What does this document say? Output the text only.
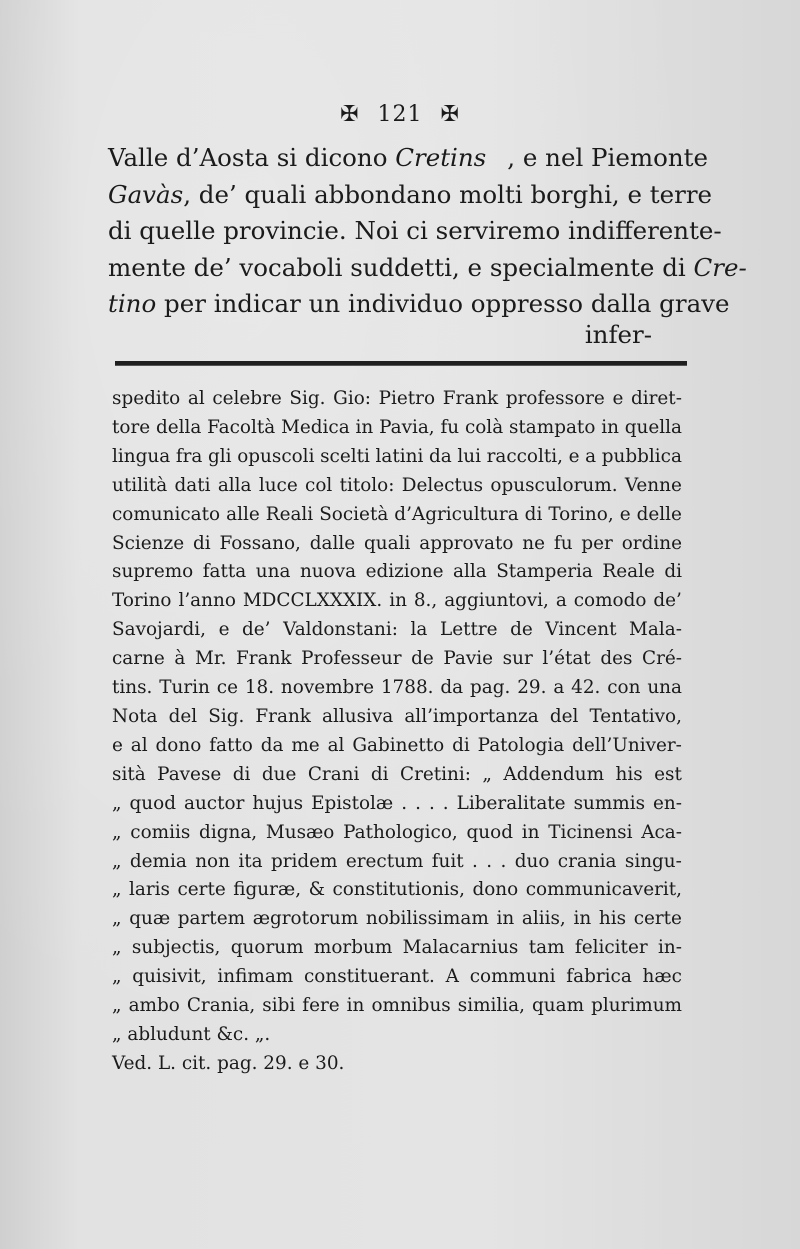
✠ 121 ✠
Valle d’Aosta si dicono Cretins , e nel Piemonte
Gavàs , de’ quali abbondano molti borghi, e terre
di quelle provincie. Noi ci serviremo indifferente-
mente de’ vocaboli suddetti, e specialmente di Cre-
tino per indicar un individuo oppresso dalla grave
infer-
spedito al celebre Sig. Gio: Pietro Frank professore e diret-
tore della Facoltà Medica in Pavia, fu colà stampato in quella
lingua fra gli opuscoli scelti latini da lui raccolti, e a pubblica
utilità dati alla luce col titolo: Delectus opusculorum. Venne
comunicato alle Reali Società d’Agricultura di Torino, e delle
Scienze di Fossano, dalle quali approvato ne fu per ordine
supremo fatta una nuova edizione alla Stamperia Reale di
Torino l’anno MDCCLXXXIX. in 8., aggiuntovi, a comodo de’
Savojardi, e de’ Valdonstani: la Lettre de Vincent Mala-
carne à Mr. Frank Professeur de Pavie sur l’état des Cré-
tins. Turin ce 18. novembre 1788. da pag. 29. a 42. con una
Nota del Sig. Frank allusiva all’importanza del Tentativo,
e al dono fatto da me al Gabinetto di Patologia dell’Univer-
sità Pavese di due Crani di Cretini: „ Addendum his est
„ quod auctor hujus Epistolæ . . . . Liberalitate summis en-
„ comiis digna, Musæo Pathologico, quod in Ticinensi Aca-
„ demia non ita pridem erectum fuit . . . duo crania singu-
„ laris certe figuræ, & constitutionis, dono communicaverit,
„ quæ partem ægrotorum nobilissimam in aliis, in his certe
„ subjectis, quorum morbum Malacarnius tam feliciter in-
„ quisivit, infimam constituerant. A communi fabrica hæc
„ ambo Crania, sibi fere in omnibus similia, quam plurimum
„ abludunt &c. „.
Ved. L. cit. pag. 29. e 30.
